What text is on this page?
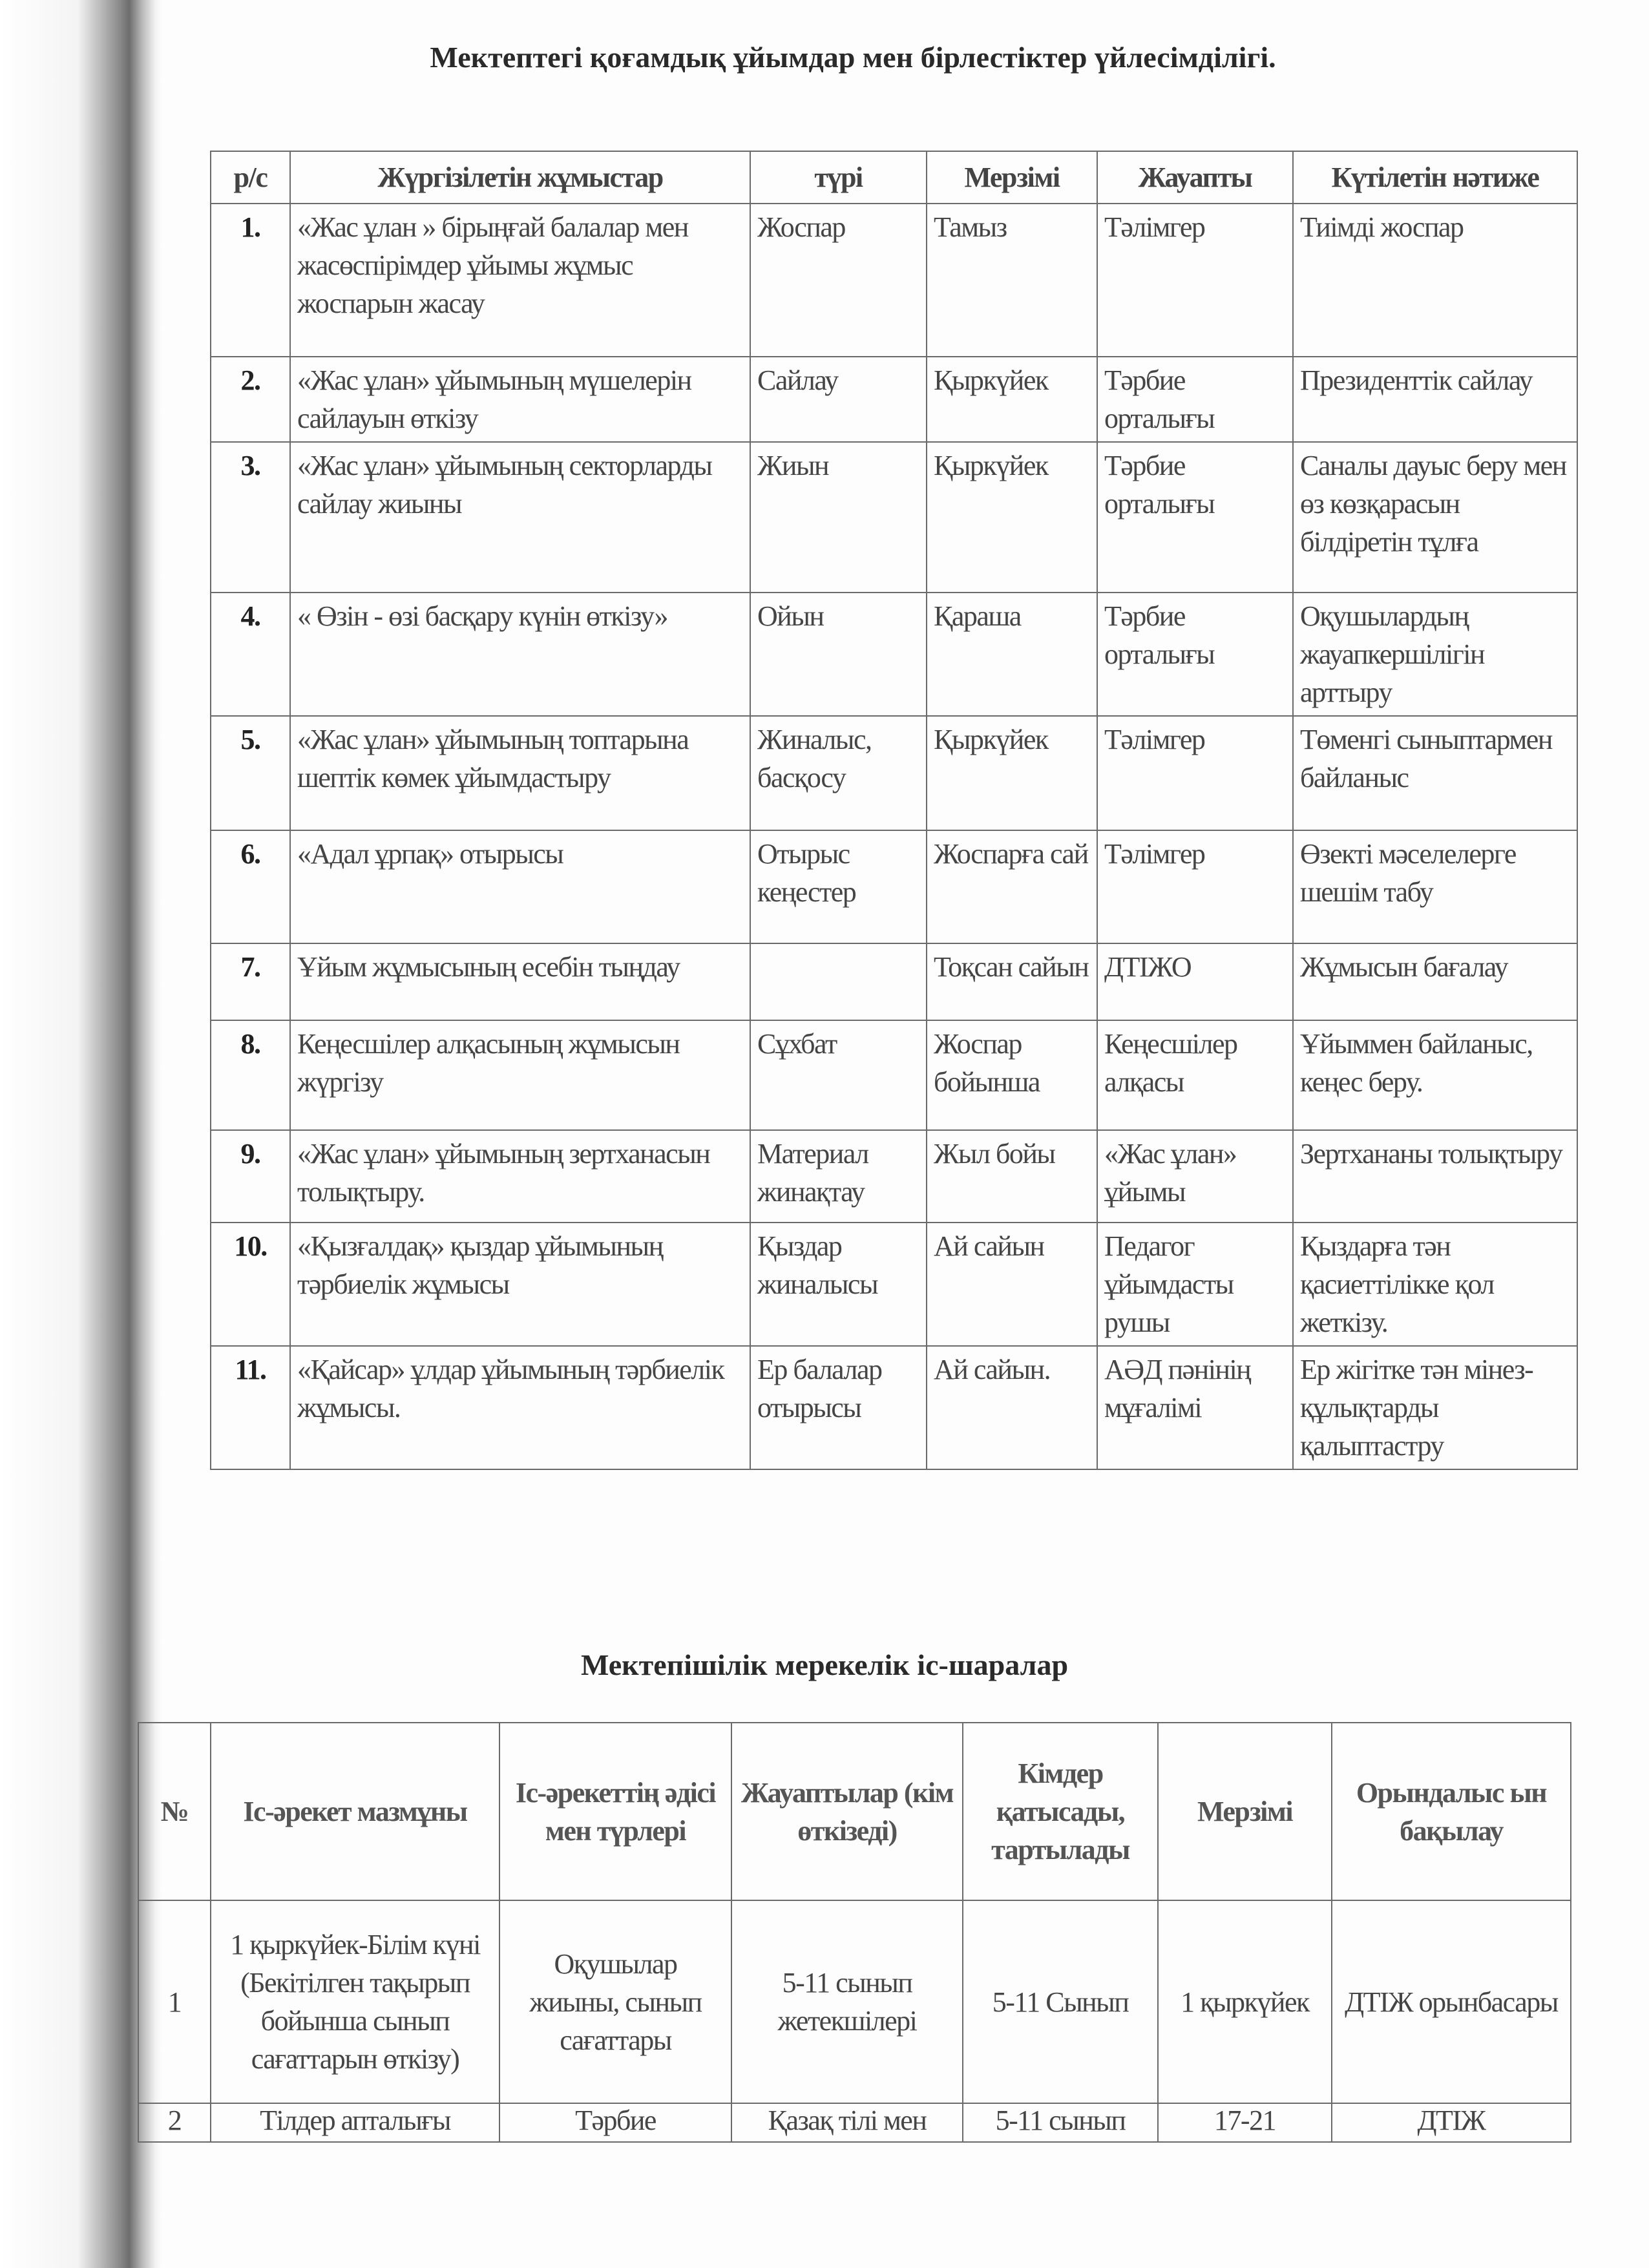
Мектептегі қоғамдық ұйымдар мен бірлестіктер үйлесімділігі.
р/с	Жүргізілетін жұмыстар	түрі	Мерзімі	Жауапты	Күтілетін нәтиже
1.	«Жас ұлан » бірыңғай балалар мен жасөспірімдер ұйымы жұмыс жоспарын жасау	Жоспар	Тамыз	Тәлімгер	Тиімді жоспар
2.	«Жас ұлан» ұйымының мүшелерін сайлауын өткізу	Сайлау	Қыркүйек	Тәрбие орталығы	Президенттік сайлау
3.	«Жас ұлан» ұйымының секторларды сайлау жиыны	Жиын	Қыркүйек	Тәрбие орталығы	Саналы дауыс беру мен өз көзқарасын білдіретін тұлға
4.	« Өзін - өзі басқару күнін өткізу»	Ойын	Қараша	Тәрбие орталығы	Оқушылардың жауапкершілігін арттыру
5.	«Жас ұлан» ұйымының топтарына шептік көмек ұйымдастыру	Жиналыс, басқосу	Қыркүйек	Тәлімгер	Төменгі сыныптармен байланыс
6.	«Адал ұрпақ» отырысы	Отырыс кеңестер	Жоспарға сай	Тәлімгер	Өзекті мәселелерге шешім табу
7.	Ұйым жұмысының есебін тыңдау		Тоқсан сайын	ДТІЖО	Жұмысын бағалау
8.	Кеңесшілер алқасының жұмысын жүргізу	Сұхбат	Жоспар бойынша	Кеңесшілер алқасы	Ұйыммен байланыс, кеңес беру.
9.	«Жас ұлан» ұйымының зертханасын толықтыру.	Материал жинақтау	Жыл бойы	«Жас ұлан» ұйымы	Зертхананы толықтыру
10.	«Қызғалдақ» қыздар ұйымының тәрбиелік жұмысы	Қыздар жиналысы	Ай сайын	Педагог ұйымдасты рушы	Қыздарға тән қасиеттілікке қол жеткізу.
11.	«Қайсар» ұлдар ұйымының тәрбиелік жұмысы.	Ер балалар отырысы	Ай сайын.	АӘД пәнінің мұғалімі	Ер жігітке тән мінез-құлықтарды қалыптастру
Мектепішілік мерекелік іс-шаралар
№	Іс-әрекет мазмұны	Іс-әрекеттің әдісі мен түрлері	Жауаптылар (кім өткізеді)	Кімдер қатысады, тартылады	Мерзімі	Орындалыс ын бақылау
1	1 қыркүйек-Білім күні (Бекітілген тақырып бойынша сынып сағаттарын өткізу)	Оқушылар жиыны, сынып сағаттары	5-11 сынып жетекшілері	5-11 Сынып	1 қыркүйек	ДТІЖ орынбасары
2	Тілдер апталығы	Тәрбие	Қазақ тілі мен	5-11 сынып	17-21	ДТІЖ
